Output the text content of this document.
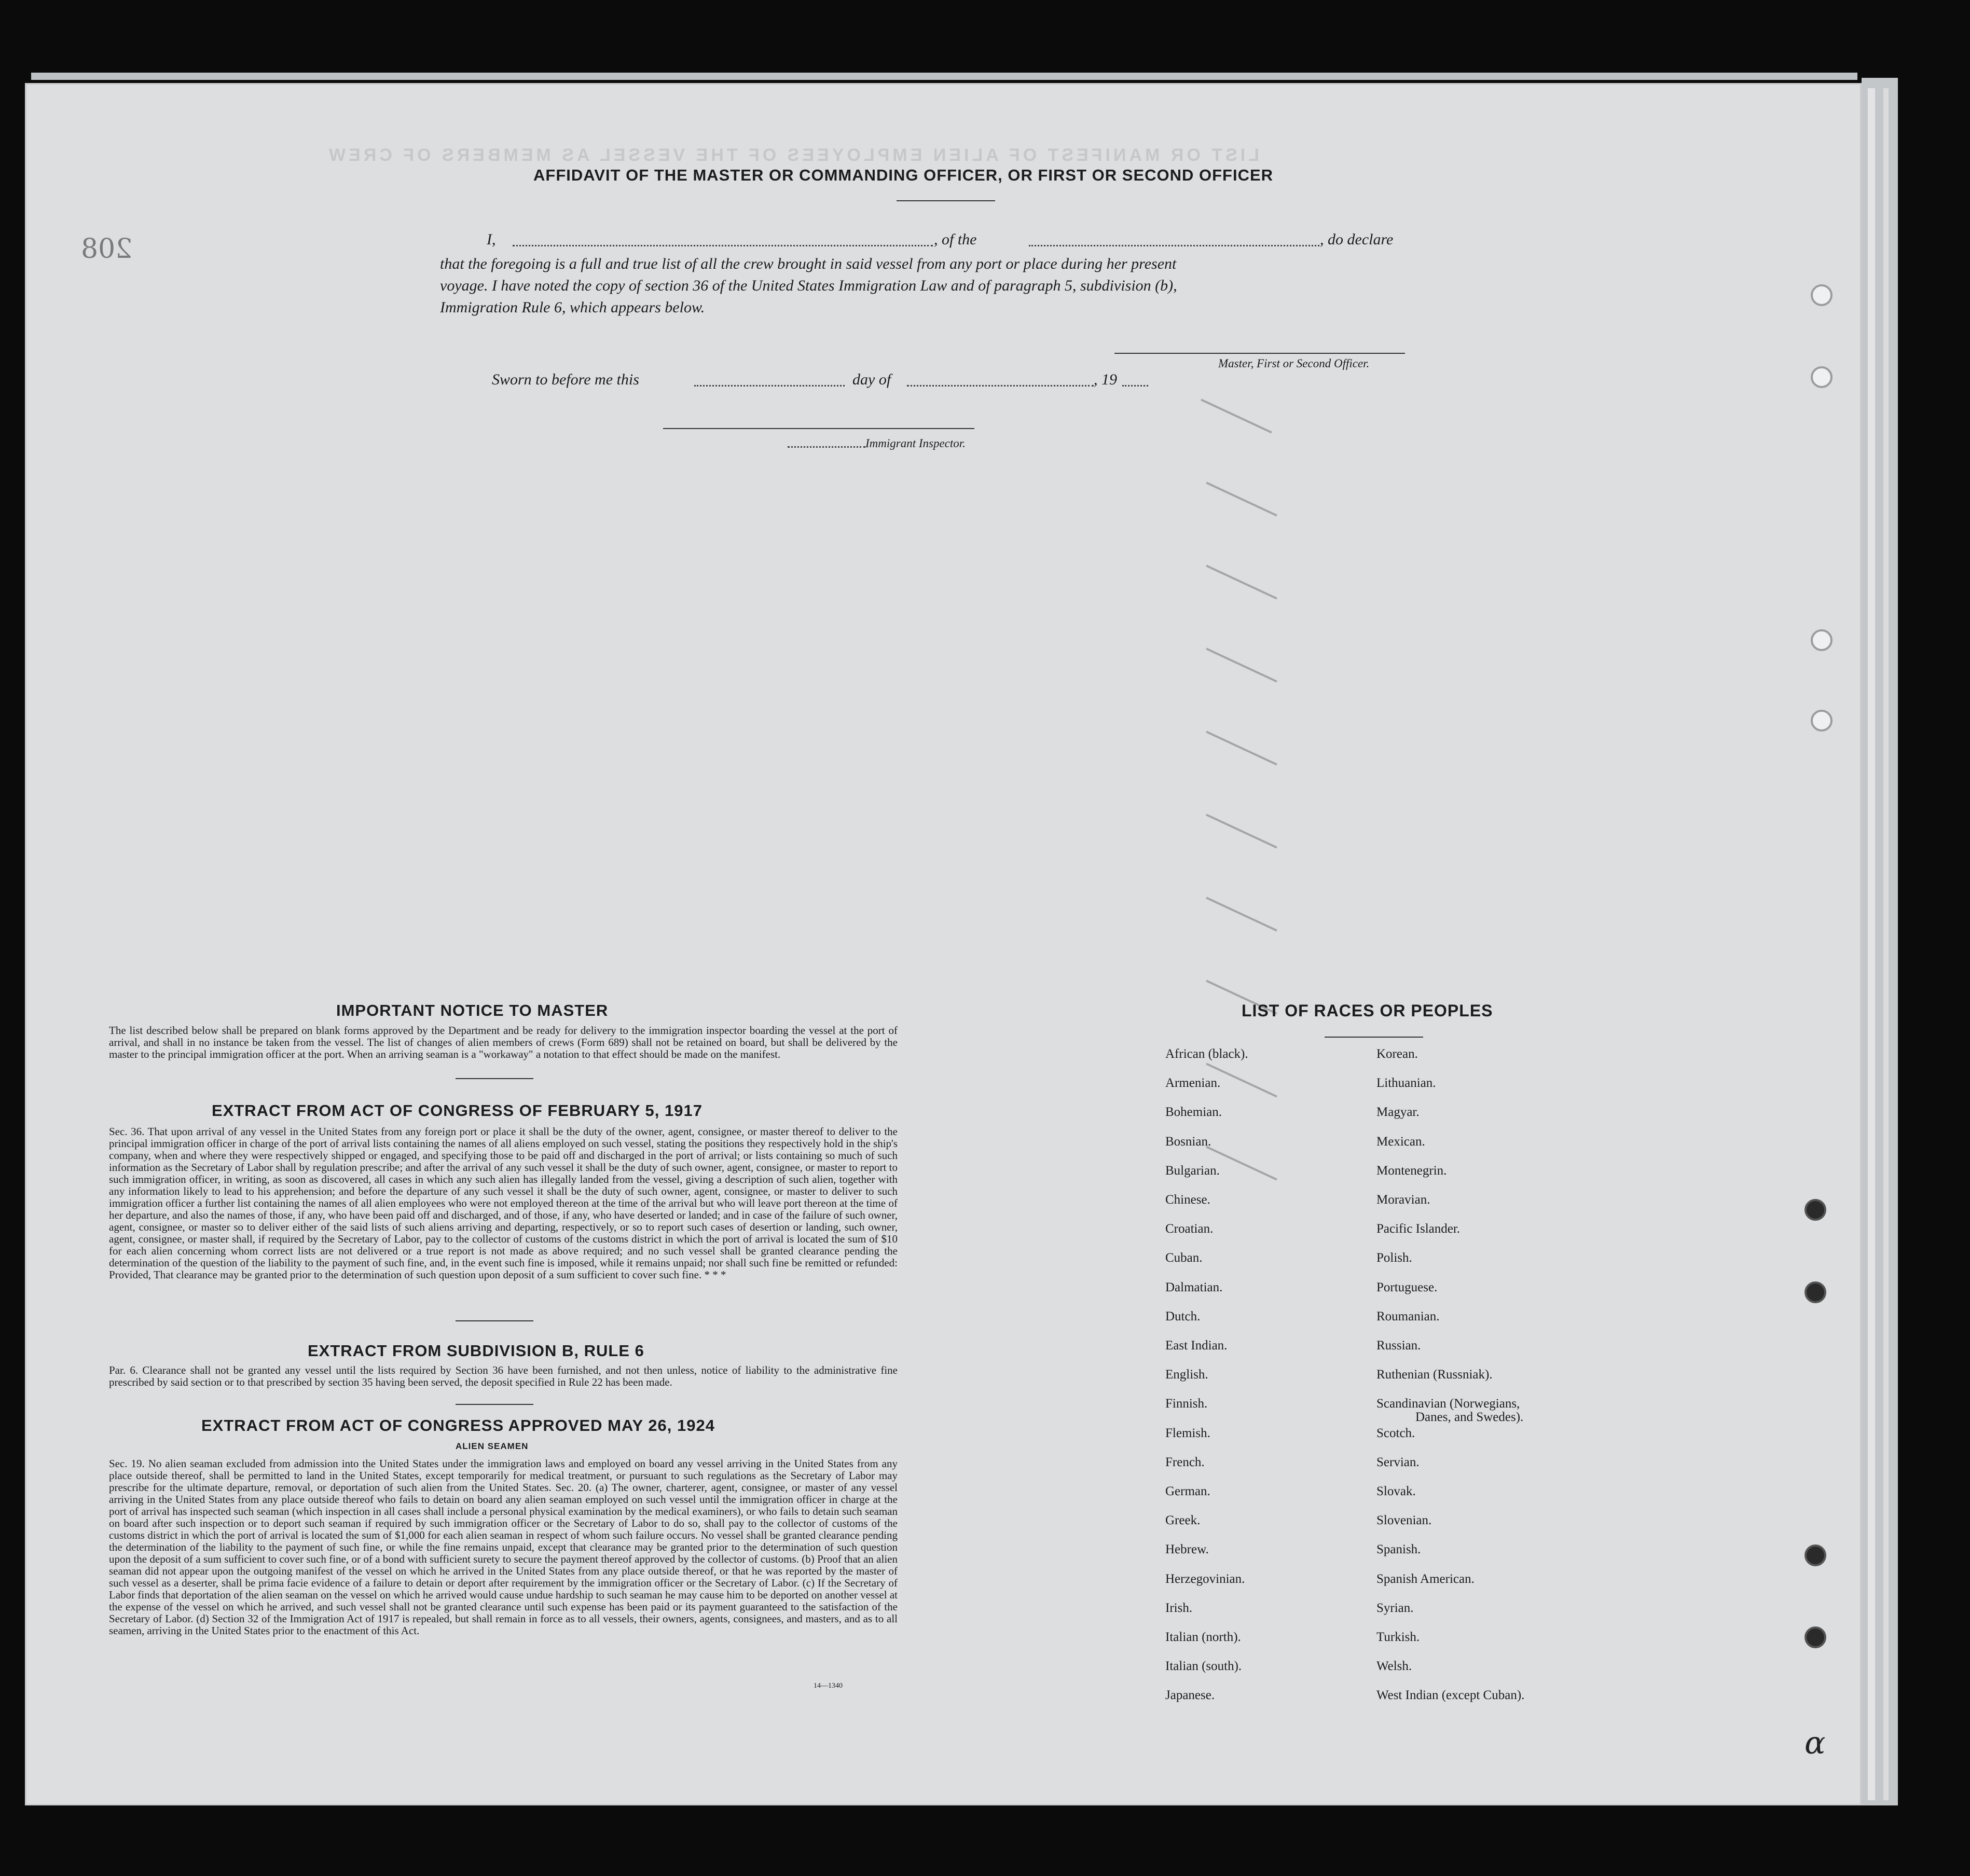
LIST OR MANIFEST OF ALIEN EMPLOYEES OF THE VESSEL AS MEMBERS OF CREW
208
AFFIDAVIT OF THE MASTER OR COMMANDING OFFICER, OR FIRST OR SECOND OFFICER
I,	, of the	, do declare
that the foregoing is a full and true list of all the crew brought in said vessel from any port or place during her present
voyage. I have noted the copy of section 36 of the United States Immigration Law and of paragraph 5, subdivision (b),
Immigration Rule 6, which appears below.
Master, First or Second Officer.
Sworn to before me this	day of	, 19
Immigrant Inspector.
IMPORTANT NOTICE TO MASTER
The list described below shall be prepared on blank forms approved by the Department and be ready for delivery to the immigration inspector boarding the vessel at the port of arrival, and shall in no instance be taken from the vessel. The list of changes of alien members of crews (Form 689) shall not be retained on board, but shall be delivered by the master to the principal immigration officer at the port. When an arriving seaman is a "workaway" a notation to that effect should be made on the manifest.
EXTRACT FROM ACT OF CONGRESS OF FEBRUARY 5, 1917
Sec. 36. That upon arrival of any vessel in the United States from any foreign port or place it shall be the duty of the owner, agent, consignee, or master thereof to deliver to the principal immigration officer in charge of the port of arrival lists containing the names of all aliens employed on such vessel, stating the positions they respectively hold in the ship's company, when and where they were respectively shipped or engaged, and specifying those to be paid off and discharged in the port of arrival; or lists containing so much of such information as the Secretary of Labor shall by regulation prescribe; and after the arrival of any such vessel it shall be the duty of such owner, agent, consignee, or master to report to such immigration officer, in writing, as soon as discovered, all cases in which any such alien has illegally landed from the vessel, giving a description of such alien, together with any information likely to lead to his apprehension; and before the departure of any such vessel it shall be the duty of such owner, agent, consignee, or master to deliver to such immigration officer a further list containing the names of all alien employees who were not employed thereon at the time of the arrival but who will leave port thereon at the time of her departure, and also the names of those, if any, who have been paid off and discharged, and of those, if any, who have deserted or landed; and in case of the failure of such owner, agent, consignee, or master so to deliver either of the said lists of such aliens arriving and departing, respectively, or so to report such cases of desertion or landing, such owner, agent, consignee, or master shall, if required by the Secretary of Labor, pay to the collector of customs of the customs district in which the port of arrival is located the sum of $10 for each alien concerning whom correct lists are not delivered or a true report is not made as above required; and no such vessel shall be granted clearance pending the determination of the question of the liability to the payment of such fine, and, in the event such fine is imposed, while it remains unpaid; nor shall such fine be remitted or refunded: Provided, That clearance may be granted prior to the determination of such question upon deposit of a sum sufficient to cover such fine. * * *
EXTRACT FROM SUBDIVISION B, RULE 6
Par. 6. Clearance shall not be granted any vessel until the lists required by Section 36 have been furnished, and not then unless, notice of liability to the administrative fine prescribed by said section or to that prescribed by section 35 having been served, the deposit specified in Rule 22 has been made.
EXTRACT FROM ACT OF CONGRESS APPROVED MAY 26, 1924
ALIEN SEAMEN
Sec. 19. No alien seaman excluded from admission into the United States under the immigration laws and employed on board any vessel arriving in the United States from any place outside thereof, shall be permitted to land in the United States, except temporarily for medical treatment, or pursuant to such regulations as the Secretary of Labor may prescribe for the ultimate departure, removal, or deportation of such alien from the United States. Sec. 20. (a) The owner, charterer, agent, consignee, or master of any vessel arriving in the United States from any place outside thereof who fails to detain on board any alien seaman employed on such vessel until the immigration officer in charge at the port of arrival has inspected such seaman (which inspection in all cases shall include a personal physical examination by the medical examiners), or who fails to detain such seaman on board after such inspection or to deport such seaman if required by such immigration officer or the Secretary of Labor to do so, shall pay to the collector of customs of the customs district in which the port of arrival is located the sum of $1,000 for each alien seaman in respect of whom such failure occurs. No vessel shall be granted clearance pending the determination of the liability to the payment of such fine, or while the fine remains unpaid, except that clearance may be granted prior to the determination of such question upon the deposit of a sum sufficient to cover such fine, or of a bond with sufficient surety to secure the payment thereof approved by the collector of customs. (b) Proof that an alien seaman did not appear upon the outgoing manifest of the vessel on which he arrived in the United States from any place outside thereof, or that he was reported by the master of such vessel as a deserter, shall be prima facie evidence of a failure to detain or deport after requirement by the immigration officer or the Secretary of Labor. (c) If the Secretary of Labor finds that deportation of the alien seaman on the vessel on which he arrived would cause undue hardship to such seaman he may cause him to be deported on another vessel at the expense of the vessel on which he arrived, and such vessel shall not be granted clearance until such expense has been paid or its payment guaranteed to the satisfaction of the Secretary of Labor. (d) Section 32 of the Immigration Act of 1917 is repealed, but shall remain in force as to all vessels, their owners, agents, consignees, and masters, and as to all seamen, arriving in the United States prior to the enactment of this Act.
14—1340
LIST OF RACES OR PEOPLES
African (black).
Armenian.
Bohemian.
Bosnian.
Bulgarian.
Chinese.
Croatian.
Cuban.
Dalmatian.
Dutch.
East Indian.
English.
Finnish.
Flemish.
French.
German.
Greek.
Hebrew.
Herzegovinian.
Irish.
Italian (north).
Italian (south).
Japanese.
Korean.
Lithuanian.
Magyar.
Mexican.
Montenegrin.
Moravian.
Pacific Islander.
Polish.
Portuguese.
Roumanian.
Russian.
Ruthenian (Russniak).
Scandinavian (Norwegians,
Danes, and Swedes).
Scotch.
Servian.
Slovak.
Slovenian.
Spanish.
Spanish American.
Syrian.
Turkish.
Welsh.
West Indian (except Cuban).
ɑ
